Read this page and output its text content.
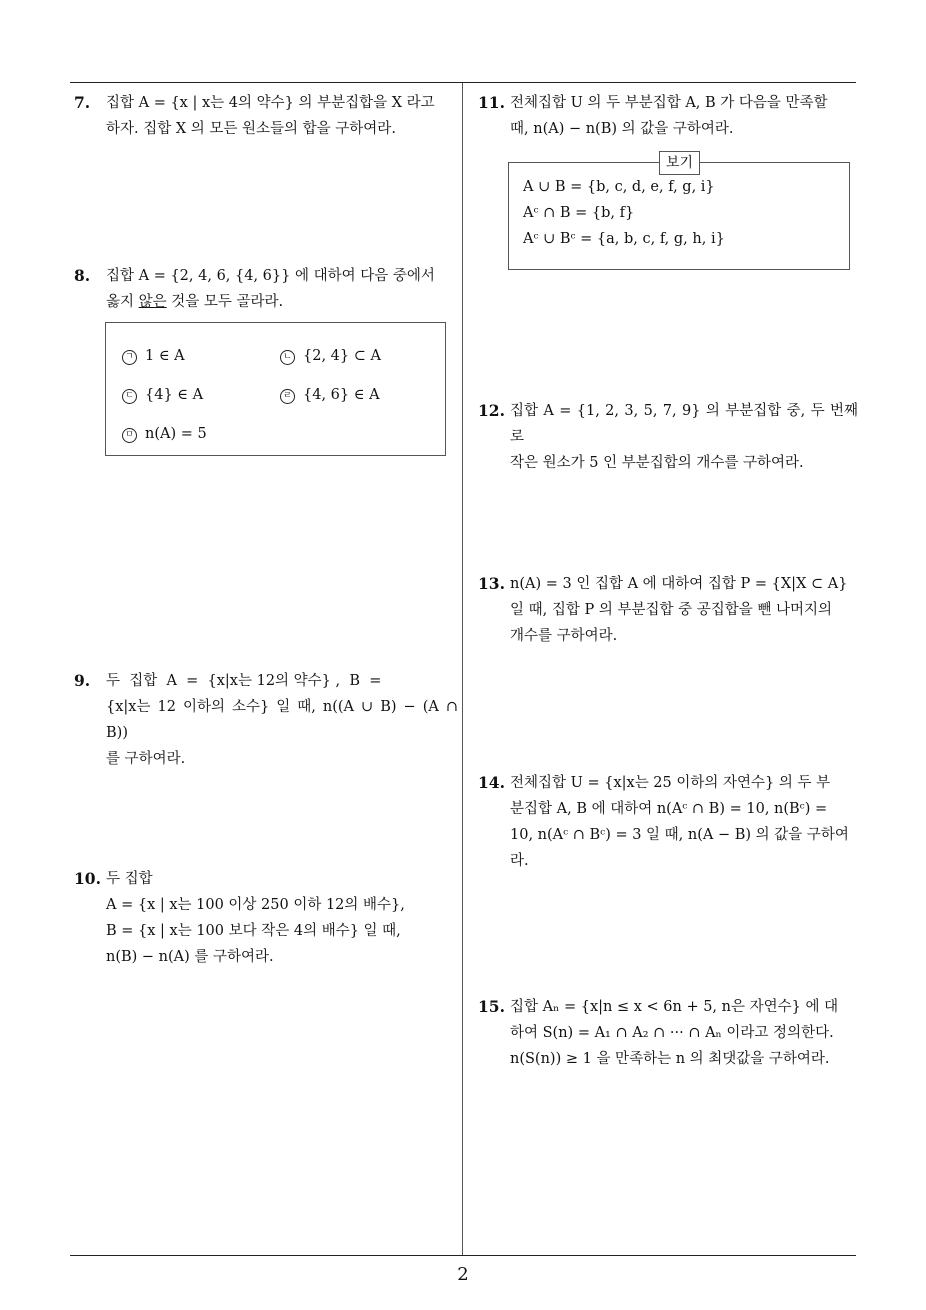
7. 집합 A = {x | x는 4의 약수} 의 부분집합을 X 라고

하자. 집합 X 의 모든 원소들의 합을 구하여라.

8. 집합 A = {2, 4, 6, {4, 6}} 에 대하여 다음 중에서

옳지 않은 것을 모두 골라라.

ㄱ 1 ∈ A	ㄴ {2, 4} ⊂ A
ㄷ {4} ∈ A	ㄹ {4, 6} ∈ A
ㅁ n(A) = 5
9. 두  집합  A  =  {x|x는 12의 약수} ,  B  =

{x|x는 12 이하의 소수} 일 때, n((A ∪ B) − (A ∩ B))

를 구하여라.

10. 두 집합

A = {x | x는 100 이상 250 이하 12의 배수},

B = {x | x는 100 보다 작은 4의 배수} 일 때,

n(B) − n(A) 를 구하여라.

11. 전체집합 U 의 두 부분집합 A, B 가 다음을 만족할

때, n(A) − n(B) 의 값을 구하여라.

보기
A ∪ B = {b, c, d, e, f, g, i}
Aᶜ ∩ B = {b, f}
Aᶜ ∪ Bᶜ = {a, b, c, f, g, h, i}
12. 집합 A = {1, 2, 3, 5, 7, 9} 의 부분집합 중, 두 번째로

작은 원소가 5 인 부분집합의 개수를 구하여라.

13. n(A) = 3 인 집합 A 에 대하여 집합 P = {X|X ⊂ A}

일 때, 집합 P 의 부분집합 중 공집합을 뺀 나머지의

개수를 구하여라.

14. 전체집합 U = {x|x는 25 이하의 자연수} 의 두 부

분집합 A, B 에 대하여 n(Aᶜ ∩ B) = 10, n(Bᶜ) =

10, n(Aᶜ ∩ Bᶜ) = 3 일 때, n(A − B) 의 값을 구하여

라.

15. 집합 Aₙ = {x|n ≤ x < 6n + 5, n은 자연수} 에 대

하여 S(n) = A₁ ∩ A₂ ∩ ··· ∩ Aₙ 이라고 정의한다.

n(S(n)) ≥ 1 을 만족하는 n 의 최댓값을 구하여라.

2
